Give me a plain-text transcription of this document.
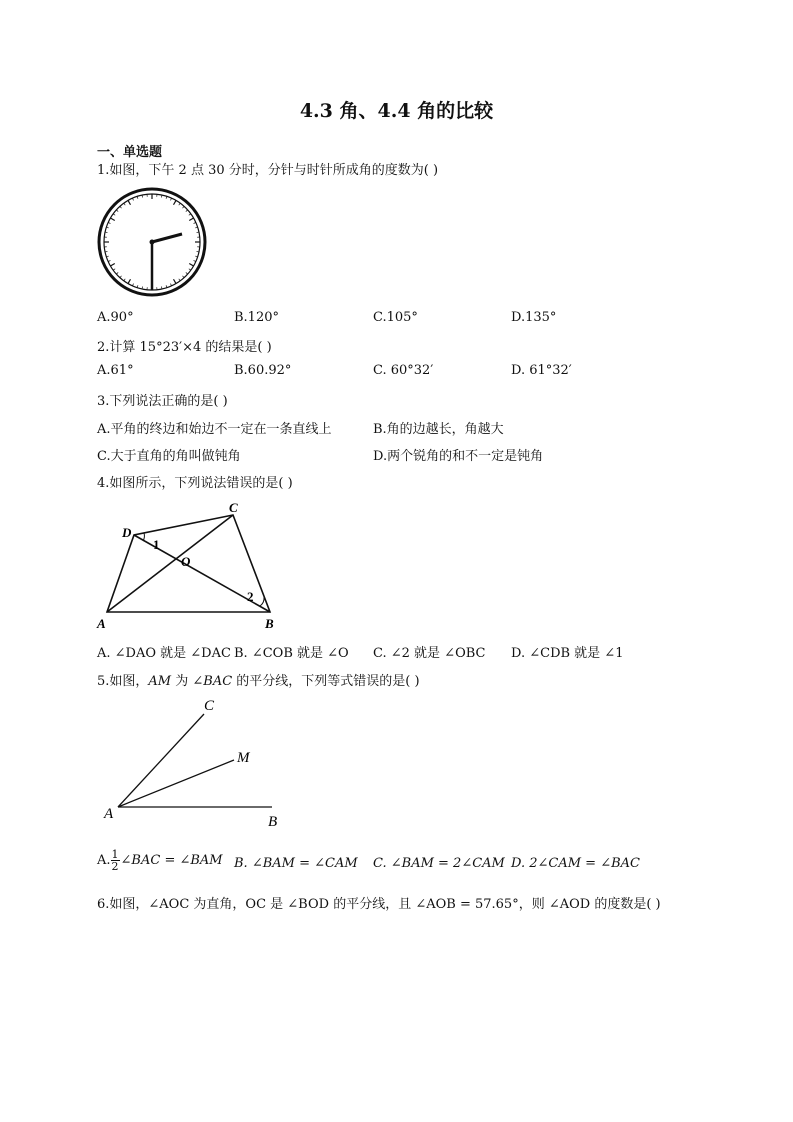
4.3 角、4.4 角的比较
一、单选题
1.如图，下午 2 点 30 分时，分针与时针所成角的度数为( )
A.90°	B.120°	C.105°	D.135°
2.计算 15°23′×4 的结果是( )
A.61°	B.60.92°	C. 60°32′	D. 61°32′
3.下列说法正确的是( )
A.平角的终边和始边不一定在一条直线上	B.角的边越长，角越大
C.大于直角的角叫做钝角	D.两个锐角的和不一定是钝角
4.如图所示，下列说法错误的是( )
D
C
A	B
O
1
2
A. ∠DAO 就是 ∠DAC B. ∠COB 就是 ∠O C. ∠2 就是 ∠OBC D. ∠CDB 就是 ∠1
5.如图，AM 为 ∠BAC 的平分线，下列等式错误的是( )
A	B
C
M
A. $\frac{1}{2}$ ∠BAC = ∠BAM B. ∠BAM = ∠CAM C. ∠BAM = 2∠CAM D. 2∠CAM = ∠BAC
6.如图，∠AOC 为直角，OC 是 ∠BOD 的平分线，且 ∠AOB = 57.65°，则 ∠AOD 的度数是( )
